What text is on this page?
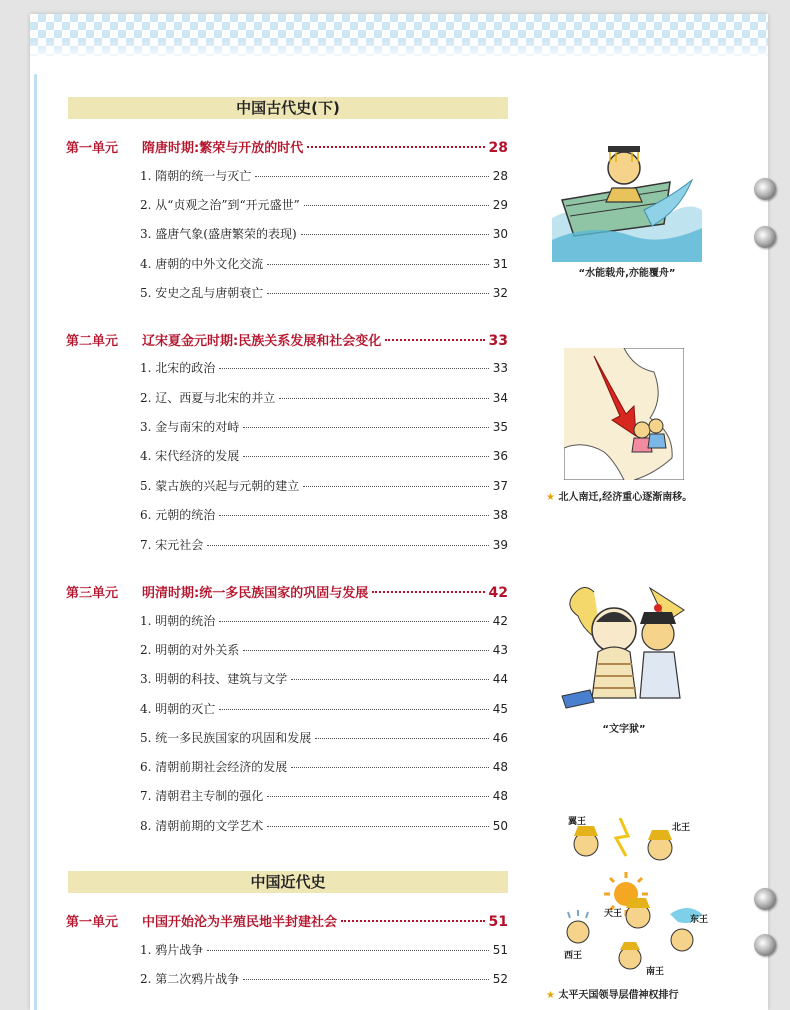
中国古代史(下)
第一单元	隋唐时期:繁荣与开放的时代	28
1. 隋朝的统一与灭亡	28
2. 从“贞观之治”到“开元盛世”	29
3. 盛唐气象(盛唐繁荣的表现)	30
4. 唐朝的中外文化交流	31
5. 安史之乱与唐朝衰亡	32
第二单元	辽宋夏金元时期:民族关系发展和社会变化	33
1. 北宋的政治	33
2. 辽、西夏与北宋的并立	34
3. 金与南宋的对峙	35
4. 宋代经济的发展	36
5. 蒙古族的兴起与元朝的建立	37
6. 元朝的统治	38
7. 宋元社会	39
第三单元	明清时期:统一多民族国家的巩固与发展	42
1. 明朝的统治	42
2. 明朝的对外关系	43
3. 明朝的科技、建筑与文学	44
4. 明朝的灭亡	45
5. 统一多民族国家的巩固和发展	46
6. 清朝前期社会经济的发展	48
7. 清朝君主专制的强化	48
8. 清朝前期的文学艺术	50
中国近代史
第一单元	中国开始沦为半殖民地半封建社会	51
1. 鸦片战争	51
2. 第二次鸦片战争	52
“水能载舟,亦能覆舟”
★ 北人南迁,经济重心逐渐南移。
“文字狱”
翼王
北王
天王
东王
西王
南王
★ 太平天国领导层借神权排行
